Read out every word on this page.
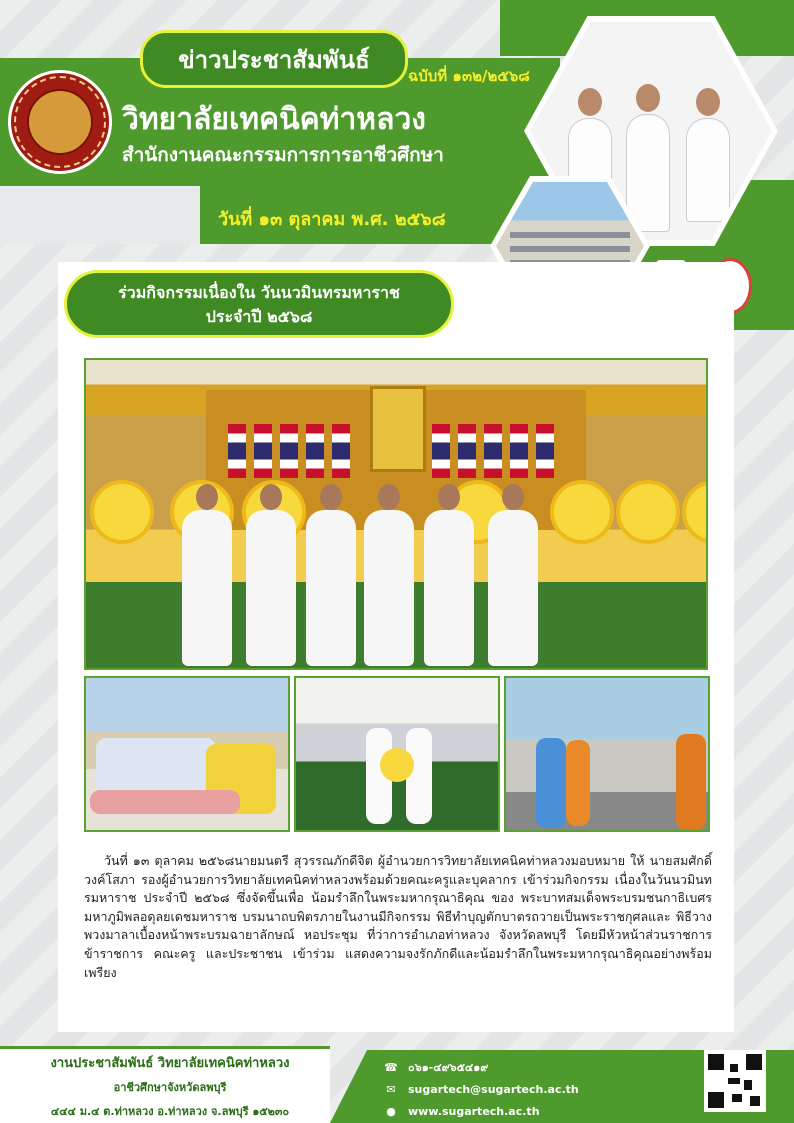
ข่าวประชาสัมพันธ์
ฉบับที่ ๑๓๒/๒๕๖๘
วิทยาลัยเทคนิคท่าหลวง
สำนักงานคณะกรรมการการอาชีวศึกษา
วันที่ ๑๓ ตุลาคม พ.ศ. ๒๕๖๘
ร่วมกิจกรรมเนื่องใน วันนวมินทรมหาราช
ประจำปี ๒๕๖๘
วันที่ ๑๓ ตุลาคม ๒๕๖๘นายมนตรี สุวรรณภักดีจิต ผู้อำนวยการวิทยาลัยเทคนิคท่าหลวงมอบหมาย ให้ นายสมศักดิ์ วงค์โสภา รองผู้อำนวยการวิทยาลัยเทคนิคท่าหลวงพร้อมด้วยคณะครูและบุคลากร เข้าร่วมกิจกรรม เนื่องในวันนวมินทรมหาราช ประจำปี ๒๕๖๘ ซึ่งจัดขึ้นเพื่อ น้อมรำลึกในพระมหากรุณาธิคุณ ของ พระบาทสมเด็จพระบรมชนกาธิเบศร มหาภูมิพลอดุลยเดชมหาราช บรมนาถบพิตรภายในงานมีกิจกรรม พิธีทำบุญตักบาตรถวายเป็นพระราชกุศลและ พิธีวางพวงมาลาเบื้องหน้าพระบรมฉายาลักษณ์ หอประชุม ที่ว่าการอำเภอท่าหลวง จังหวัดลพบุรี โดยมีหัวหน้าส่วนราชการ ข้าราชการ คณะครู และประชาชน เข้าร่วม แสดงความจงรักภักดีและน้อมรำลึกในพระมหากรุณาธิคุณอย่างพร้อมเพรียง
งานประชาสัมพันธ์ วิทยาลัยเทคนิคท่าหลวง
อาชีวศึกษาจังหวัดลพบุรี
๔๔๔ ม.๔ ต.ท่าหลวง อ.ท่าหลวง จ.ลพบุรี ๑๕๒๓๐
☎ ๐๖๑-๔๙๖๕๔๑๙
✉ sugartech@sugartech.ac.th
● www.sugartech.ac.th
